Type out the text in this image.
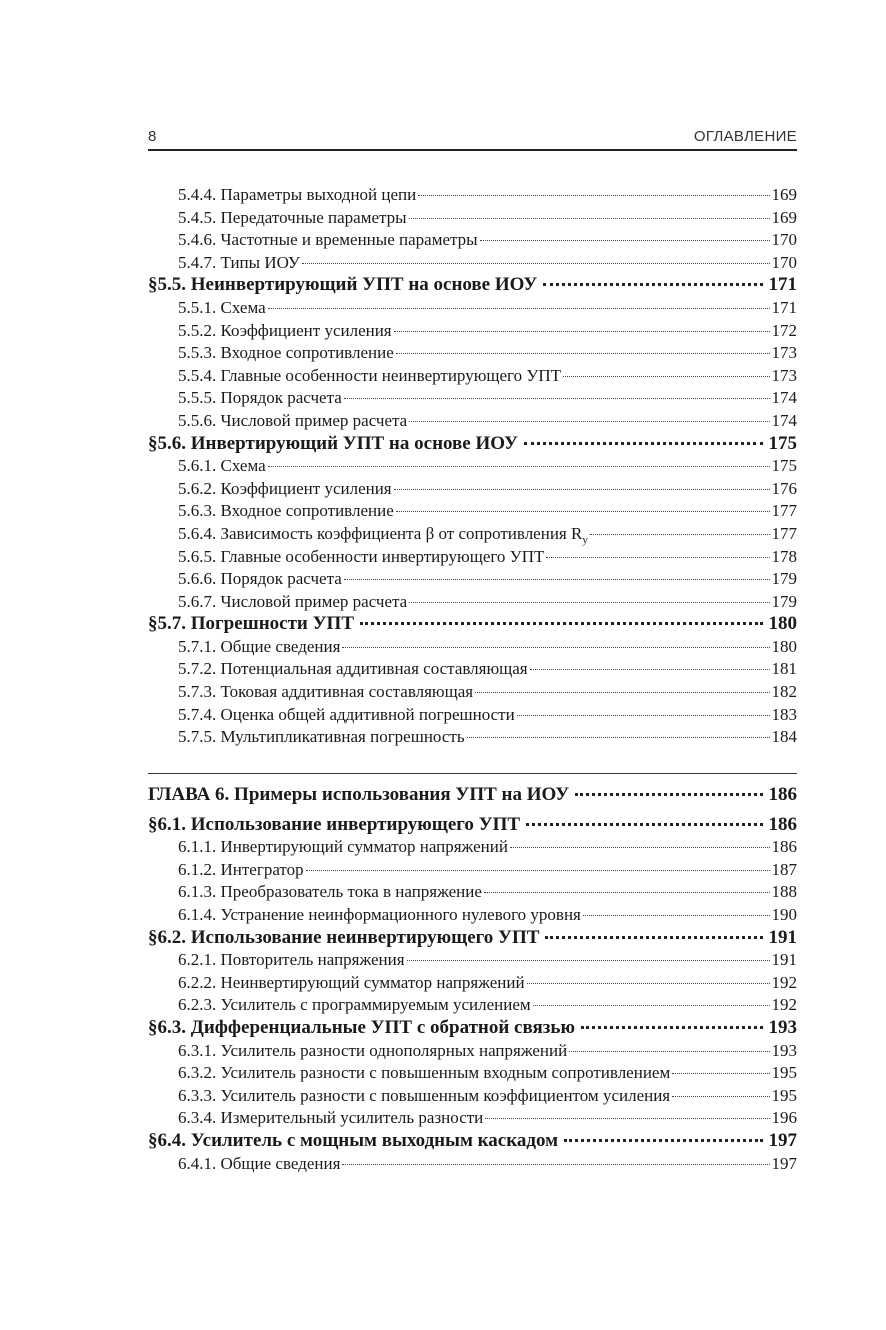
8	ОГЛАВЛЕНИЕ
5.4.4. Параметры выходной цепи	169
5.4.5. Передаточные параметры	169
5.4.6. Частотные и временные параметры	170
5.4.7. Типы ИОУ	170
§5.5. Неинвертирующий УПТ на основе ИОУ	171
5.5.1. Схема	171
5.5.2. Коэффициент усиления	172
5.5.3. Входное сопротивление	173
5.5.4. Главные особенности неинвертирующего УПТ	173
5.5.5. Порядок расчета	174
5.5.6. Числовой пример расчета	174
§5.6. Инвертирующий УПТ на основе ИОУ	175
5.6.1. Схема	175
5.6.2. Коэффициент усиления	176
5.6.3. Входное сопротивление	177
5.6.4. Зависимость коэффициента β от сопротивления R у	177
5.6.5. Главные особенности инвертирующего УПТ	178
5.6.6. Порядок расчета	179
5.6.7. Числовой пример расчета	179
§5.7. Погрешности УПТ	180
5.7.1. Общие сведения	180
5.7.2. Потенциальная аддитивная составляющая	181
5.7.3. Токовая аддитивная составляющая	182
5.7.4. Оценка общей аддитивной погрешности	183
5.7.5. Мультипликативная погрешность	184
ГЛАВА 6. Примеры использования УПТ на ИОУ	186
§6.1. Использование инвертирующего УПТ	186
6.1.1. Инвертирующий сумматор напряжений	186
6.1.2. Интегратор	187
6.1.3. Преобразователь тока в напряжение	188
6.1.4. Устранение неинформационного нулевого уровня	190
§6.2. Использование неинвертирующего УПТ	191
6.2.1. Повторитель напряжения	191
6.2.2. Неинвертирующий сумматор напряжений	192
6.2.3. Усилитель с программируемым усилением	192
§6.3. Дифференциальные УПТ с обратной связью	193
6.3.1. Усилитель разности однополярных напряжений	193
6.3.2. Усилитель разности с повышенным входным сопротивлением	195
6.3.3. Усилитель разности с повышенным коэффициентом усиления	195
6.3.4. Измерительный усилитель разности	196
§6.4. Усилитель с мощным выходным каскадом	197
6.4.1. Общие сведения	197
